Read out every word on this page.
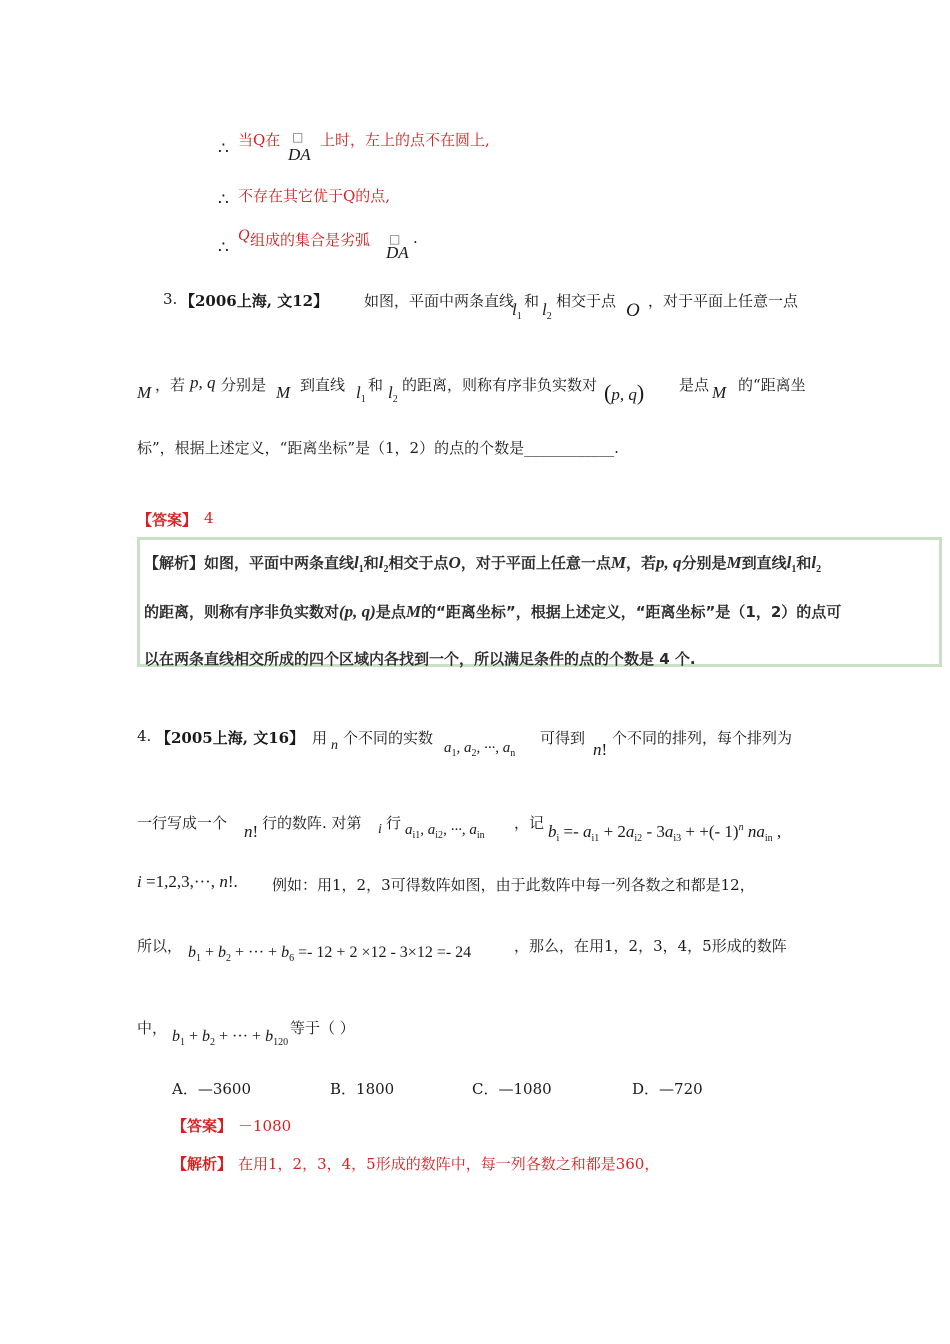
∴ 当Q在 □
DA
上时，左上的点不在圆上,
∴ 不存在其它优于Q的点,
∴
Q 组成的集合是劣弧 □
DA
.
3. 【2006上海, 文12】 如图，平面中两条直线
$l_1$
和 $l_2$
相交于点 O ，对于平面上任意一点
M ，若 p, q 分别是 M 到直线 $l_1$
和 $l_2$
的距离，则称有序非负实数对 (p, q) 是点 M 的“距离坐
标”，根据上述定义，“距离坐标”是（1，2）的点的个数是____________.
【答案】 4
【解析】如图，平面中两条直线$l_1$和$l_2$相交于点O，对于平面上任意一点M，若p, q分别是M到直线$l_1$和$l_2$
的距离，则称有序非负实数对(p, q)是点M的“距离坐标”，根据上述定义，“距离坐标”是（1，2）的点可
以在两条直线相交所成的四个区域内各找到一个，所以满足条件的点的个数是 4 个.
4. 【2005上海, 文16】 用 n 个不同的实数
$a_1$, $a_2$, ···, $a_n$
可得到
n!
个不同的排列，每个排列为
一行写成一个 n! 行的数阵. 对第 i 行 $a_{i1}$, $a_{i2}$, ···, $a_{in}$
，记 $b_i =- a_{i1} + 2a_{i2} - 3a_{i3}$ + +(- 1)$^n$ $na_{in}$ ,
i =1,2,3,···, n!. 例如：用1，2，3可得数阵如图，由于此数阵中每一列各数之和都是12，
所以， $b_1 + b_2$ + ··· + $b_6 =- 12 + 2 \times 12 - 3\times 12 =- 24$	，那么，在用1，2，3，4，5形成的数阵
中， $b_1 + b_2$ + ··· + $b_{120}$
等于（ ）
A．—3600	B．1800	C．—1080	D．—720
【答案】 －1080
【解析】 在用1，2，3，4，5形成的数阵中，每一列各数之和都是360，
